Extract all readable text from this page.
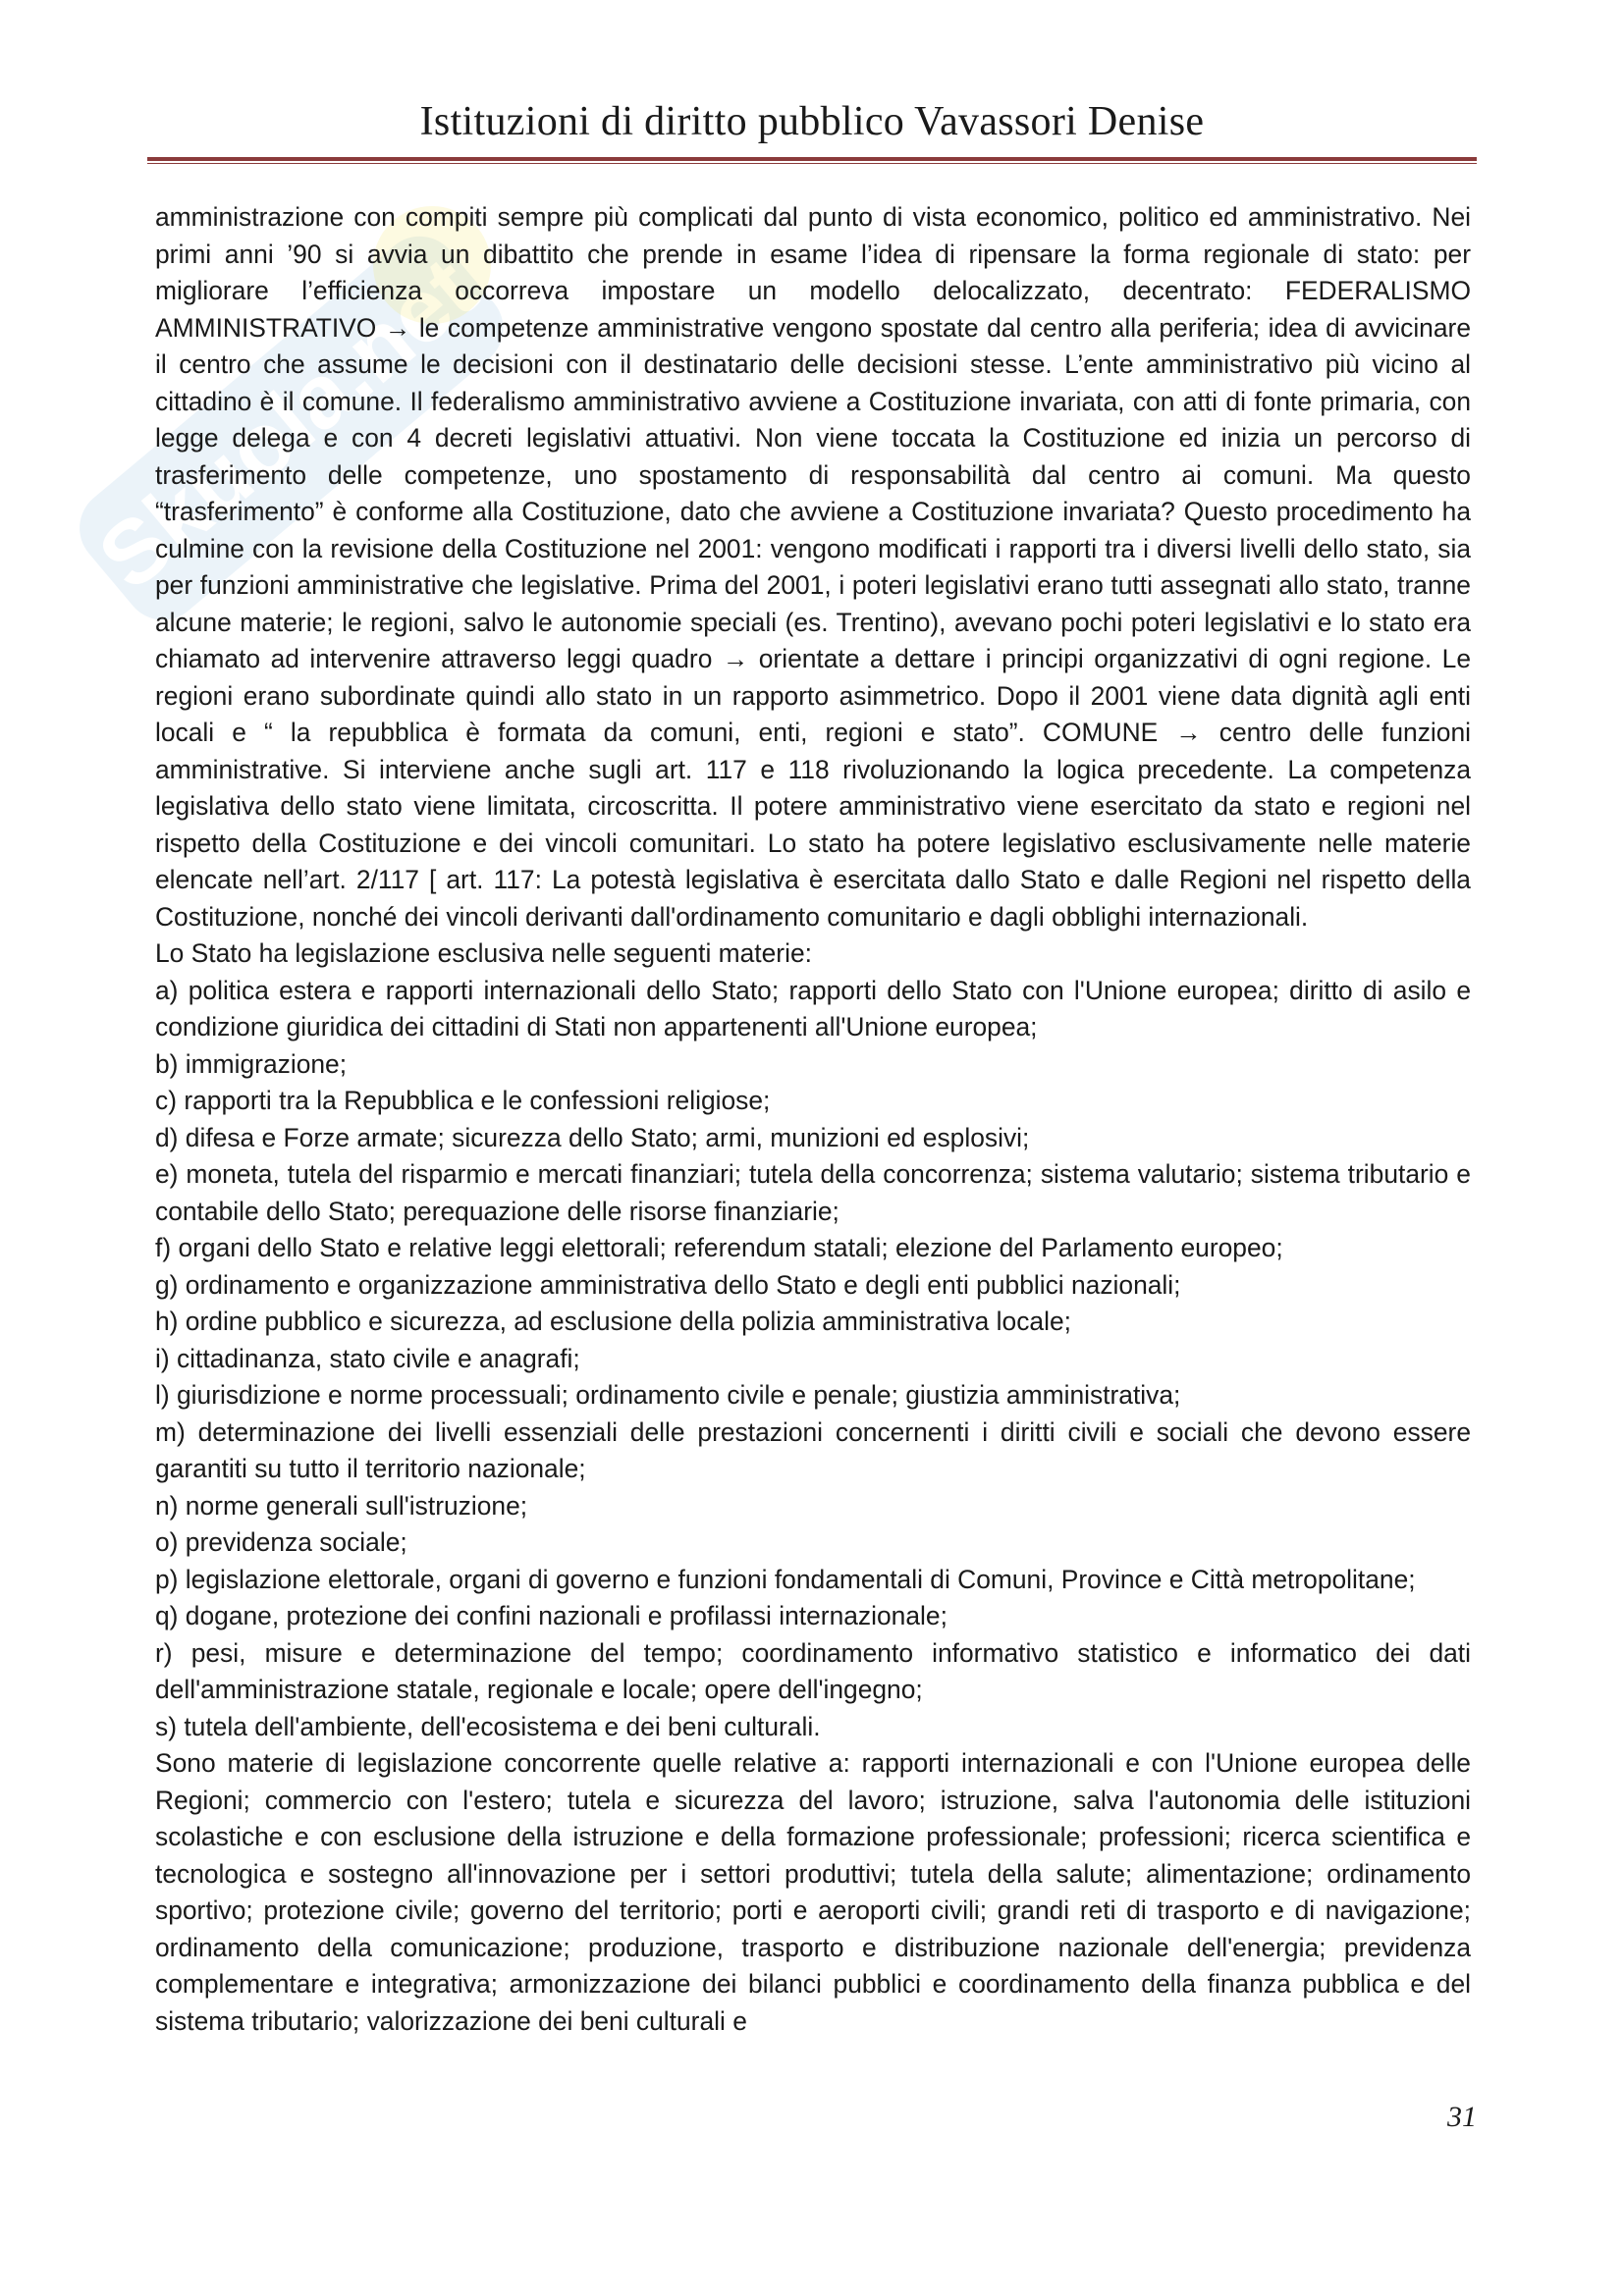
Istituzioni di diritto pubblico Vavassori Denise
Skuola.net

amministrazione con compiti sempre più complicati dal punto di vista economico, politico ed amministrativo. Nei primi anni ’90 si avvia un dibattito che prende in esame l’idea di ripensare la forma regionale di stato: per migliorare l’efficienza occorreva impostare un modello delocalizzato, decentrato: FEDERALISMO AMMINISTRATIVO → le competenze amministrative vengono spostate dal centro alla periferia; idea di avvicinare il centro che assume le decisioni con il destinatario delle decisioni stesse. L’ente amministrativo più vicino al cittadino è il comune. Il federalismo amministrativo avviene a Costituzione invariata, con atti di fonte primaria, con legge delega e con 4 decreti legislativi attuativi. Non viene toccata la Costituzione ed inizia un percorso di trasferimento delle competenze, uno spostamento di responsabilità dal centro ai comuni. Ma questo “trasferimento” è conforme alla Costituzione, dato che avviene a Costituzione invariata? Questo procedimento ha culmine con la revisione della Costituzione nel 2001: vengono modificati i rapporti tra i diversi livelli dello stato, sia per funzioni amministrative che legislative. Prima del 2001, i poteri legislativi erano tutti assegnati allo stato, tranne alcune materie; le regioni, salvo le autonomie speciali (es. Trentino), avevano pochi poteri legislativi e lo stato era chiamato ad intervenire attraverso leggi quadro → orientate a dettare i principi organizzativi di ogni regione. Le regioni erano subordinate quindi allo stato in un rapporto asimmetrico. Dopo il 2001 viene data dignità agli enti locali e “ la repubblica è formata da comuni, enti, regioni e stato”. COMUNE → centro delle funzioni amministrative. Si interviene anche sugli art. 117 e 118 rivoluzionando la logica precedente. La competenza legislativa dello stato viene limitata, circoscritta. Il potere amministrativo viene esercitato da stato e regioni nel rispetto della Costituzione e dei vincoli comunitari. Lo stato ha potere legislativo esclusivamente nelle materie elencate nell’art. 2/117 [ art. 117: La potestà legislativa è esercitata dallo Stato e dalle Regioni nel rispetto della Costituzione, nonché dei vincoli derivanti dall'ordinamento comunitario e dagli obblighi internazionali.

Lo Stato ha legislazione esclusiva nelle seguenti materie:

a) politica estera e rapporti internazionali dello Stato; rapporti dello Stato con l'Unione europea; diritto di asilo e condizione giuridica dei cittadini di Stati non appartenenti all'Unione europea;
b) immigrazione;
c) rapporti tra la Repubblica e le confessioni religiose;
d) difesa e Forze armate; sicurezza dello Stato; armi, munizioni ed esplosivi;
e) moneta, tutela del risparmio e mercati finanziari; tutela della concorrenza; sistema valutario; sistema tributario e contabile dello Stato; perequazione delle risorse finanziarie;
f) organi dello Stato e relative leggi elettorali; referendum statali; elezione del Parlamento europeo;
g) ordinamento e organizzazione amministrativa dello Stato e degli enti pubblici nazionali;
h) ordine pubblico e sicurezza, ad esclusione della polizia amministrativa locale;
i) cittadinanza, stato civile e anagrafi;
l) giurisdizione e norme processuali; ordinamento civile e penale; giustizia amministrativa;
m) determinazione dei livelli essenziali delle prestazioni concernenti i diritti civili e sociali che devono essere garantiti su tutto il territorio nazionale;
n) norme generali sull'istruzione;
o) previdenza sociale;
p) legislazione elettorale, organi di governo e funzioni fondamentali di Comuni, Province e Città metropolitane;
q) dogane, protezione dei confini nazionali e profilassi internazionale;
r) pesi, misure e determinazione del tempo; coordinamento informativo statistico e informatico dei dati dell'amministrazione statale, regionale e locale; opere dell'ingegno;
s) tutela dell'ambiente, dell'ecosistema e dei beni culturali.

Sono materie di legislazione concorrente quelle relative a: rapporti internazionali e con l'Unione europea delle Regioni; commercio con l'estero; tutela e sicurezza del lavoro; istruzione, salva l'autonomia delle istituzioni scolastiche e con esclusione della istruzione e della formazione professionale; professioni; ricerca scientifica e tecnologica e sostegno all'innovazione per i settori produttivi; tutela della salute; alimentazione; ordinamento sportivo; protezione civile; governo del territorio; porti e aeroporti civili; grandi reti di trasporto e di navigazione; ordinamento della comunicazione; produzione, trasporto e distribuzione nazionale dell'energia; previdenza complementare e integrativa; armonizzazione dei bilanci pubblici e coordinamento della finanza pubblica e del sistema tributario; valorizzazione dei beni culturali e

31
